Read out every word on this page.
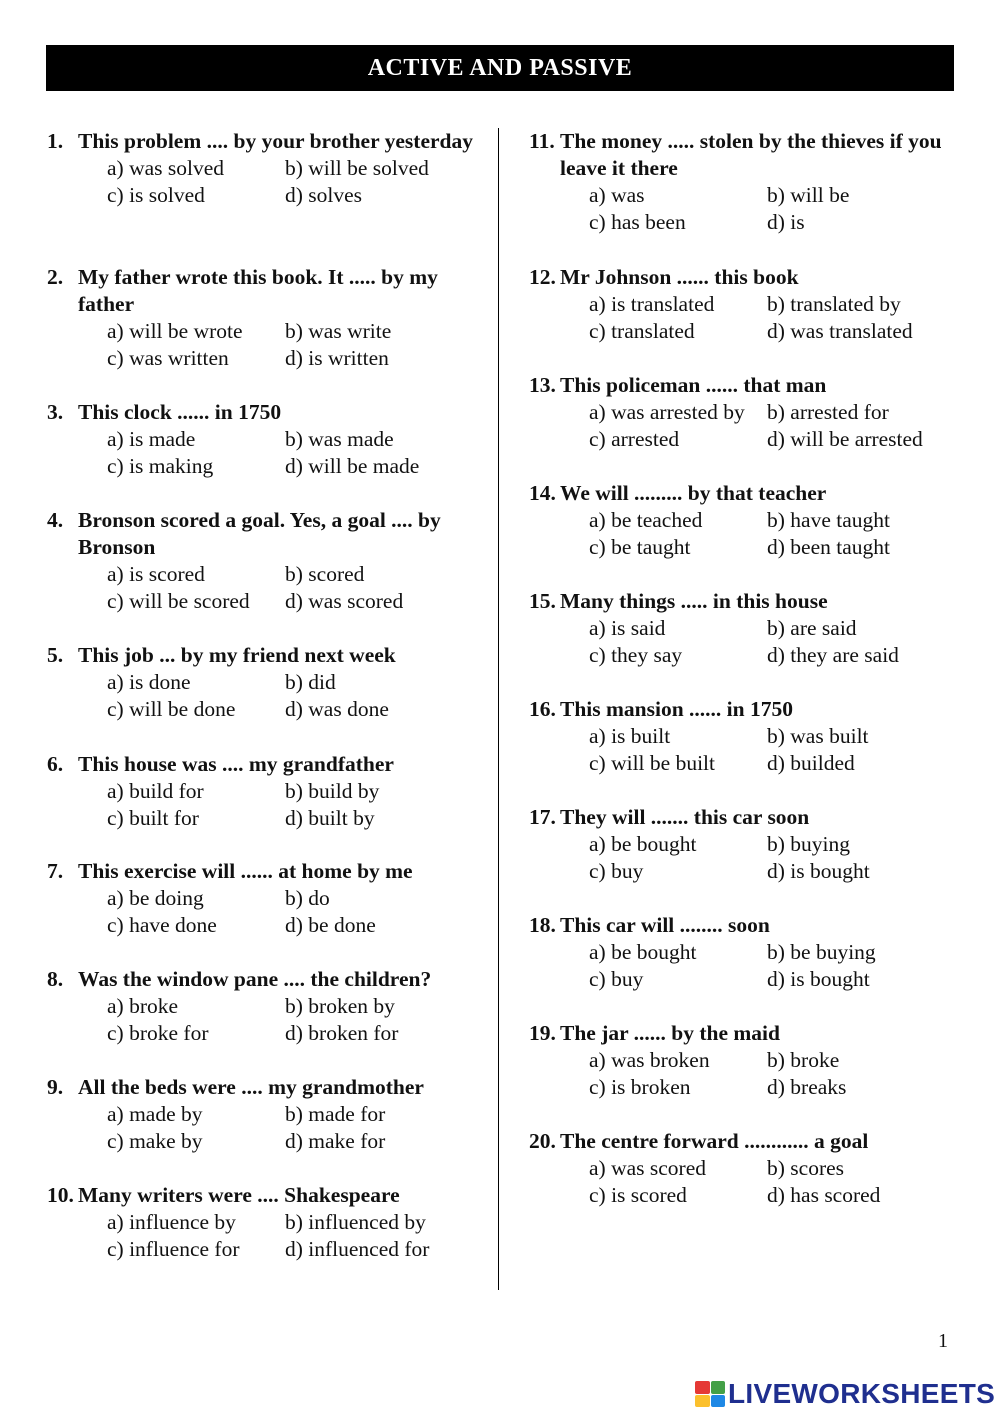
ACTIVE AND PASSIVE
1. This problem .... by your brother yesterday
a) was solved	b) will be solved
c) is solved	d) solves
2. My father wrote this book. It ..... by my father
a) will be wrote	b) was write
c) was written	d) is written
3. This clock ...... in 1750
a) is made	b) was made
c) is making	d) will be made
4. Bronson scored a goal. Yes, a goal .... by Bronson
a) is scored	b) scored
c) will be scored	d) was scored
5. This job ... by my friend next week
a) is done	b) did
c) will be done	d) was done
6. This house was .... my grandfather
a) build for	b) build by
c) built for	d) built by
7. This exercise will ...... at home by me
a) be doing	b) do
c) have done	d) be done
8. Was the window pane .... the children?
a) broke	b) broken by
c) broke for	d) broken for
9. All the beds were .... my grandmother
a) made by	b) made for
c) make by	d) make for
10. Many writers were .... Shakespeare
a) influence by	b) influenced by
c) influence for	d) influenced for
11. The money ..... stolen by the thieves if you leave it there
a) was	b) will be
c) has been	d) is
12. Mr Johnson ...... this book
a) is translated	b) translated by
c) translated	d) was translated
13. This policeman ...... that man
a) was arrested by	b) arrested for
c) arrested	d) will be arrested
14. We will ......... by that teacher
a) be teached	b) have taught
c) be taught	d) been taught
15. Many things ..... in this house
a) is said	b) are said
c) they say	d) they are said
16. This mansion ...... in 1750
a) is built	b) was built
c) will be built	d) builded
17. They will ....... this car soon
a) be bought	b) buying
c) buy	d) is bought
18. This car will ........ soon
a) be bought	b) be buying
c) buy	d) is bought
19. The jar ...... by the maid
a) was broken	b) broke
c) is broken	d) breaks
20. The centre forward ............ a goal
a) was scored	b) scores
c) is scored	d) has scored
1
LIVEWORKSHEETS
